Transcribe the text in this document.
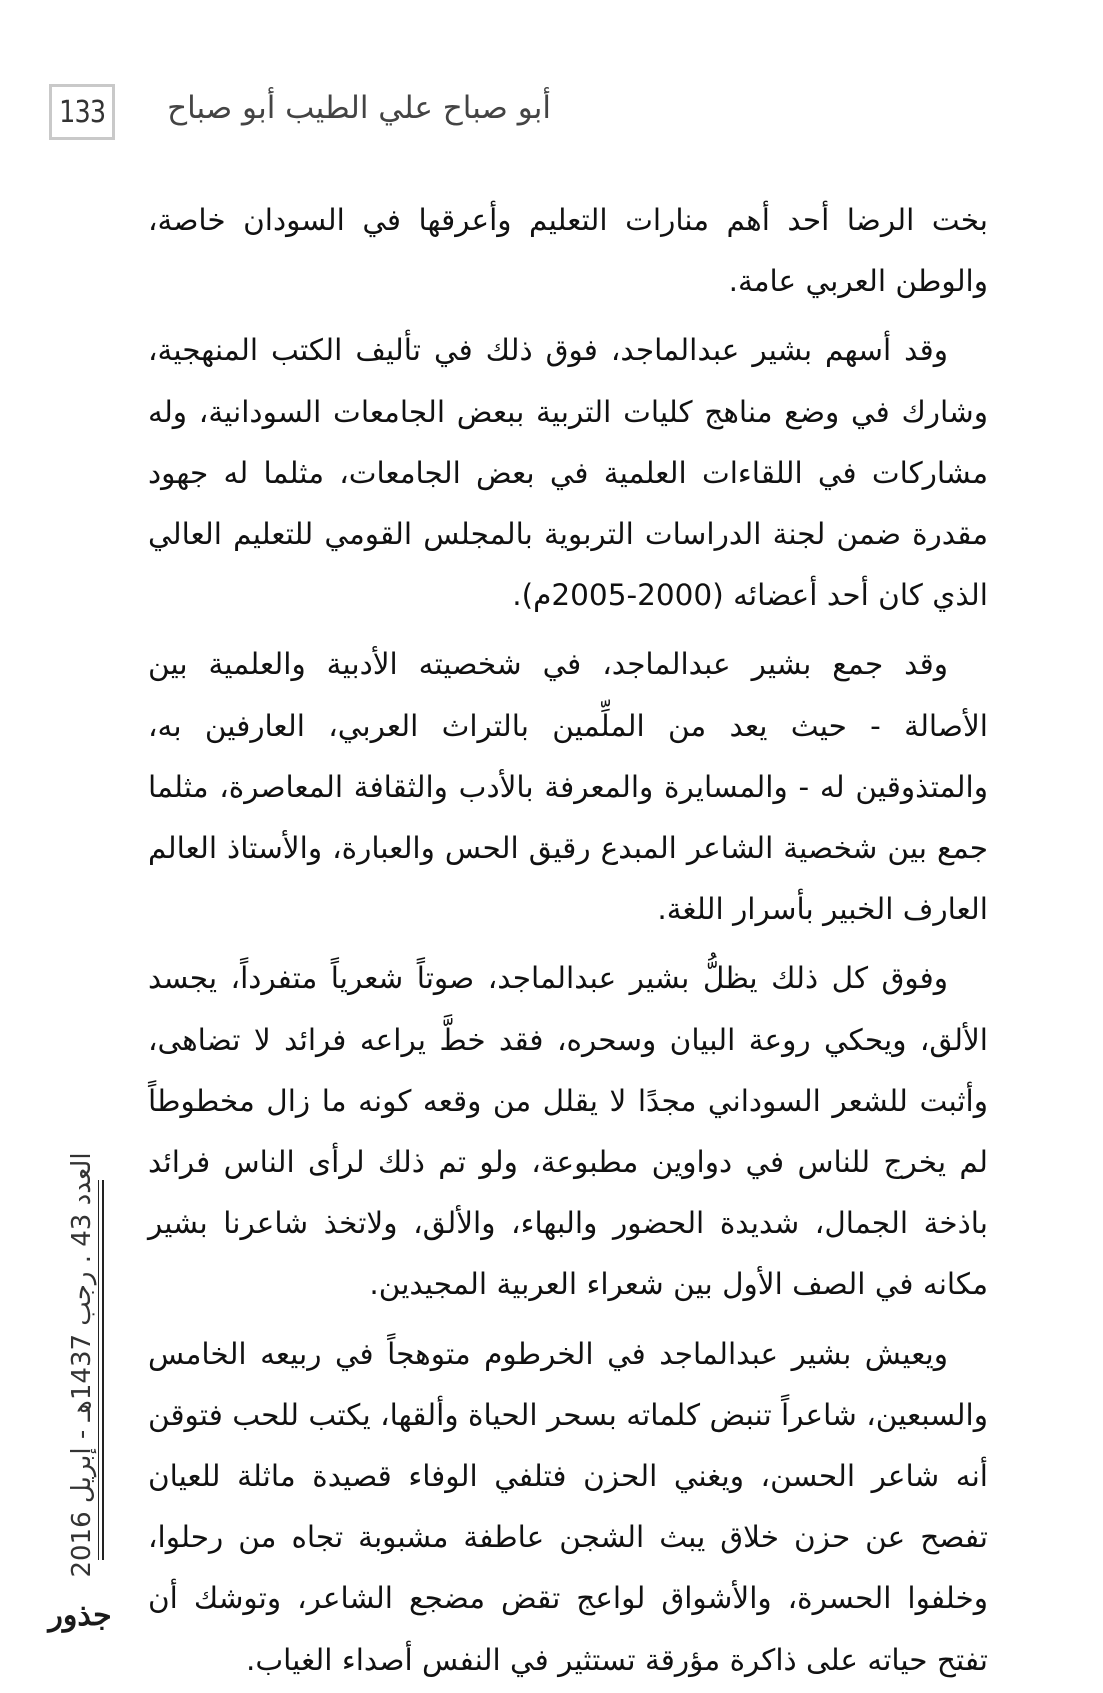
133 أبو صباح علي الطيب أبو صباح

بخت الرضا أحد أهم منارات التعليم وأعرقها في السودان خاصة، والوطن العربي عامة.

وقد أسهم بشير عبدالماجد، فوق ذلك في تأليف الكتب المنهجية، وشارك في وضع مناهج كليات التربية ببعض الجامعات السودانية، وله مشاركات في اللقاءات العلمية في بعض الجامعات، مثلما له جهود مقدرة ضمن لجنة الدراسات التربوية بالمجلس القومي للتعليم العالي الذي كان أحد أعضائه (2000-2005م).

وقد جمع بشير عبدالماجد، في شخصيته الأدبية والعلمية بين الأصالة - حيث يعد من الملِّمين بالتراث العربي، العارفين به، والمتذوقين له - والمسايرة والمعرفة بالأدب والثقافة المعاصرة، مثلما جمع بين شخصية الشاعر المبدع رقيق الحس والعبارة، والأستاذ العالم العارف الخبير بأسرار اللغة.

وفوق كل ذلك يظلُّ بشير عبدالماجد، صوتاً شعرياً متفرداً، يجسد الألق، ويحكي روعة البيان وسحره، فقد خطَّ يراعه فرائد لا تضاهى، وأثبت للشعر السوداني مجدًا لا يقلل من وقعه كونه ما زال مخطوطاً لم يخرج للناس في دواوين مطبوعة، ولو تم ذلك لرأى الناس فرائد باذخة الجمال، شديدة الحضور والبهاء، والألق، ولاتخذ شاعرنا بشير مكانه في الصف الأول بين شعراء العربية المجيدين.

ويعيش بشير عبدالماجد في الخرطوم متوهجاً في ربيعه الخامس والسبعين، شاعراً تنبض كلماته بسحر الحياة وألقها، يكتب للحب فتوقن أنه شاعر الحسن، ويغني الحزن فتلفي الوفاء قصيدة ماثلة للعيان تفصح عن حزن خلاق يبث الشجن عاطفة مشبوبة تجاه من رحلوا، وخلفوا الحسرة، والأشواق لواعج تقض مضجع الشاعر، وتوشك أن تفتح حياته على ذاكرة مؤرقة تستثير في النفس أصداء الغياب.

العدد 43 . رجب 1437هـ - إبريل 2016
جذور
